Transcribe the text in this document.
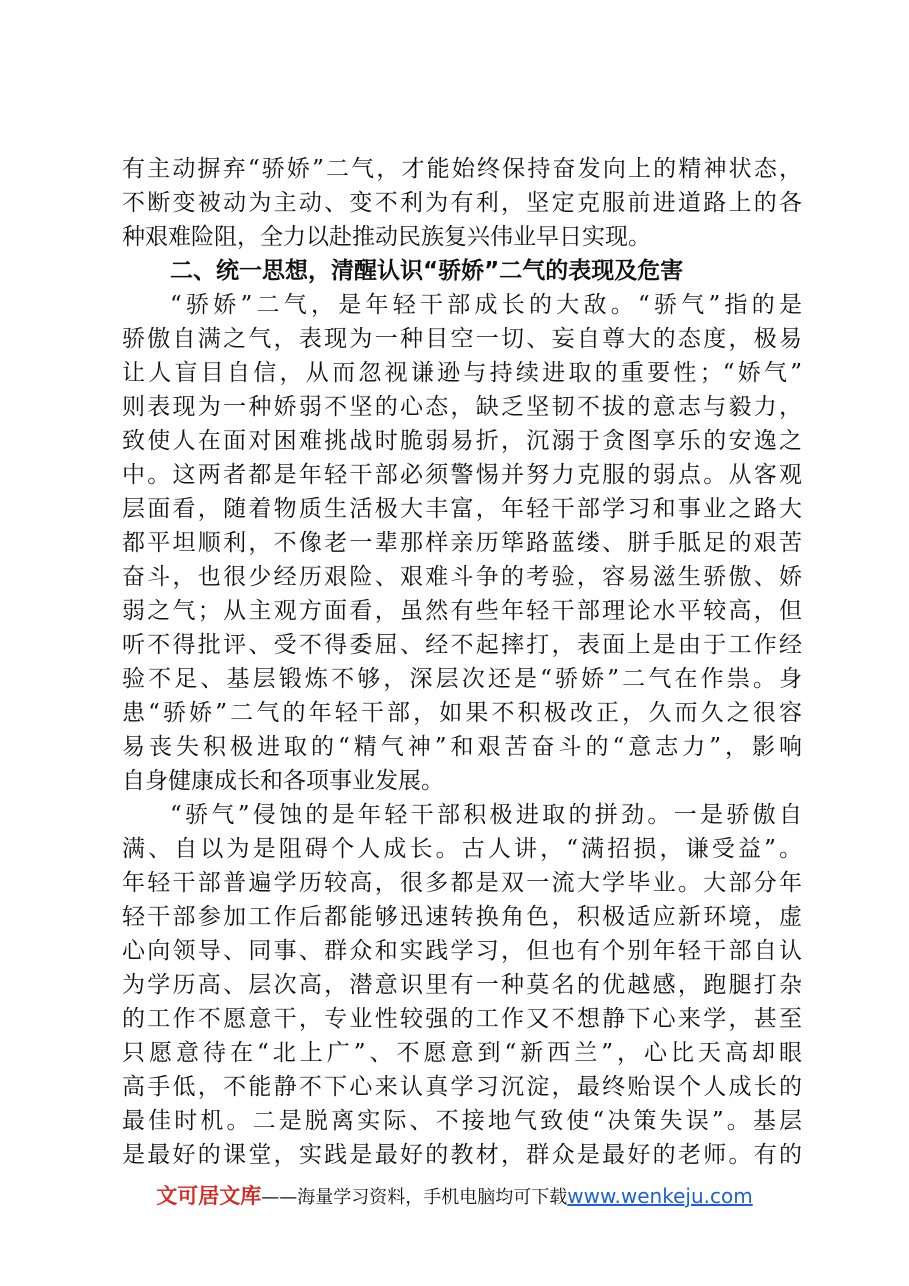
有主动摒弃“骄娇”二气，才能始终保持奋发向上的精神状态，
不断变被动为主动、变不利为有利，坚定克服前进道路上的各
种艰难险阻，全力以赴推动民族复兴伟业早日实现。
二、统一思想，清醒认识“骄娇”二气的表现及危害
“骄娇”二气，是年轻干部成长的大敌。“骄气”指的是
骄傲自满之气，表现为一种目空一切、妄自尊大的态度，极易
让人盲目自信，从而忽视谦逊与持续进取的重要性；“娇气”
则表现为一种娇弱不坚的心态，缺乏坚韧不拔的意志与毅力，
致使人在面对困难挑战时脆弱易折，沉溺于贪图享乐的安逸之
中。这两者都是年轻干部必须警惕并努力克服的弱点。从客观
层面看，随着物质生活极大丰富，年轻干部学习和事业之路大
都平坦顺利，不像老一辈那样亲历筚路蓝缕、胼手胝足的艰苦
奋斗，也很少经历艰险、艰难斗争的考验，容易滋生骄傲、娇
弱之气；从主观方面看，虽然有些年轻干部理论水平较高，但
听不得批评、受不得委屈、经不起摔打，表面上是由于工作经
验不足、基层锻炼不够，深层次还是“骄娇”二气在作祟。身
患“骄娇”二气的年轻干部，如果不积极改正，久而久之很容
易丧失积极进取的“精气神”和艰苦奋斗的“意志力”，影响
自身健康成长和各项事业发展。
“骄气”侵蚀的是年轻干部积极进取的拼劲。一是骄傲自
满、自以为是阻碍个人成长。古人讲，“满招损，谦受益”。
年轻干部普遍学历较高，很多都是双一流大学毕业。大部分年
轻干部参加工作后都能够迅速转换角色，积极适应新环境，虚
心向领导、同事、群众和实践学习，但也有个别年轻干部自认
为学历高、层次高，潜意识里有一种莫名的优越感，跑腿打杂
的工作不愿意干，专业性较强的工作又不想静下心来学，甚至
只愿意待在“北上广”、不愿意到“新西兰”，心比天高却眼
高手低，不能静不下心来认真学习沉淀，最终贻误个人成长的
最佳时机。二是脱离实际、不接地气致使“决策失误”。基层
是最好的课堂，实践是最好的教材，群众是最好的老师。有的
文可居文库——海量学习资料，手机电脑均可下载www.wenkeju.com
